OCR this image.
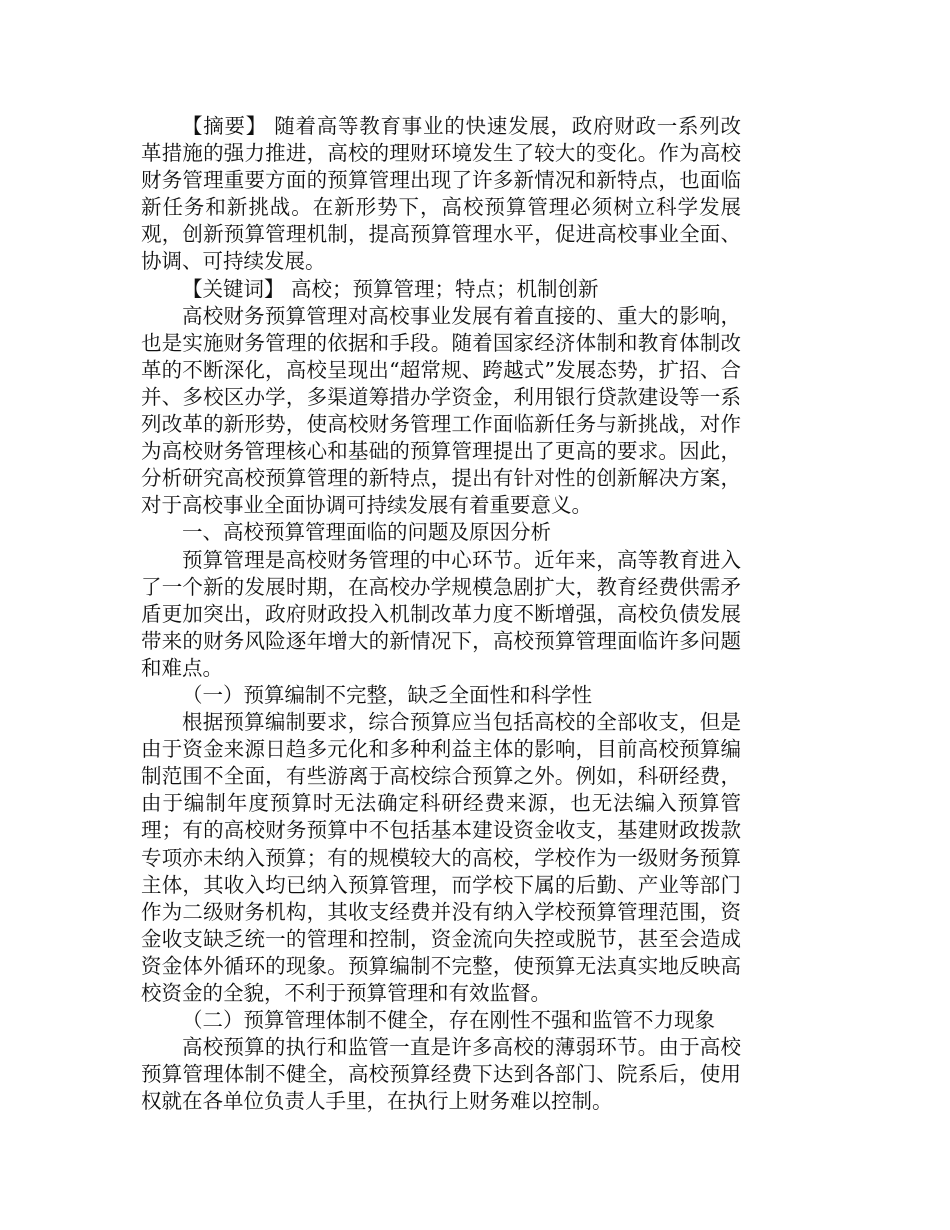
【摘要】 随着高等教育事业的快速发展，政府财政一系列改革措施的强力推进，高校的理财环境发生了较大的变化。作为高校财务管理重要方面的预算管理出现了许多新情况和新特点，也面临新任务和新挑战。在新形势下，高校预算管理必须树立科学发展观，创新预算管理机制，提高预算管理水平，促进高校事业全面、协调、可持续发展。

【关键词】 高校；预算管理；特点；机制创新

高校财务预算管理对高校事业发展有着直接的、重大的影响，也是实施财务管理的依据和手段。随着国家经济体制和教育体制改革的不断深化，高校呈现出“超常规、跨越式”发展态势，扩招、合并、多校区办学，多渠道筹措办学资金，利用银行贷款建设等一系列改革的新形势，使高校财务管理工作面临新任务与新挑战，对作为高校财务管理核心和基础的预算管理提出了更高的要求。因此，分析研究高校预算管理的新特点，提出有针对性的创新解决方案，对于高校事业全面协调可持续发展有着重要意义。

一、高校预算管理面临的问题及原因分析

预算管理是高校财务管理的中心环节。近年来，高等教育进入了一个新的发展时期，在高校办学规模急剧扩大，教育经费供需矛盾更加突出，政府财政投入机制改革力度不断增强，高校负债发展带来的财务风险逐年增大的新情况下，高校预算管理面临许多问题和难点。

（一）预算编制不完整，缺乏全面性和科学性

根据预算编制要求，综合预算应当包括高校的全部收支，但是由于资金来源日趋多元化和多种利益主体的影响，目前高校预算编制范围不全面，有些游离于高校综合预算之外。例如，科研经费，由于编制年度预算时无法确定科研经费来源，也无法编入预算管理；有的高校财务预算中不包括基本建设资金收支，基建财政拨款专项亦未纳入预算；有的规模较大的高校，学校作为一级财务预算主体，其收入均已纳入预算管理，而学校下属的后勤、产业等部门作为二级财务机构，其收支经费并没有纳入学校预算管理范围，资金收支缺乏统一的管理和控制，资金流向失控或脱节，甚至会造成资金体外循环的现象。预算编制不完整，使预算无法真实地反映高校资金的全貌，不利于预算管理和有效监督。

（二）预算管理体制不健全，存在刚性不强和监管不力现象

高校预算的执行和监管一直是许多高校的薄弱环节。由于高校预算管理体制不健全，高校预算经费下达到各部门、院系后，使用权就在各单位负责人手里，在执行上财务难以控制。
